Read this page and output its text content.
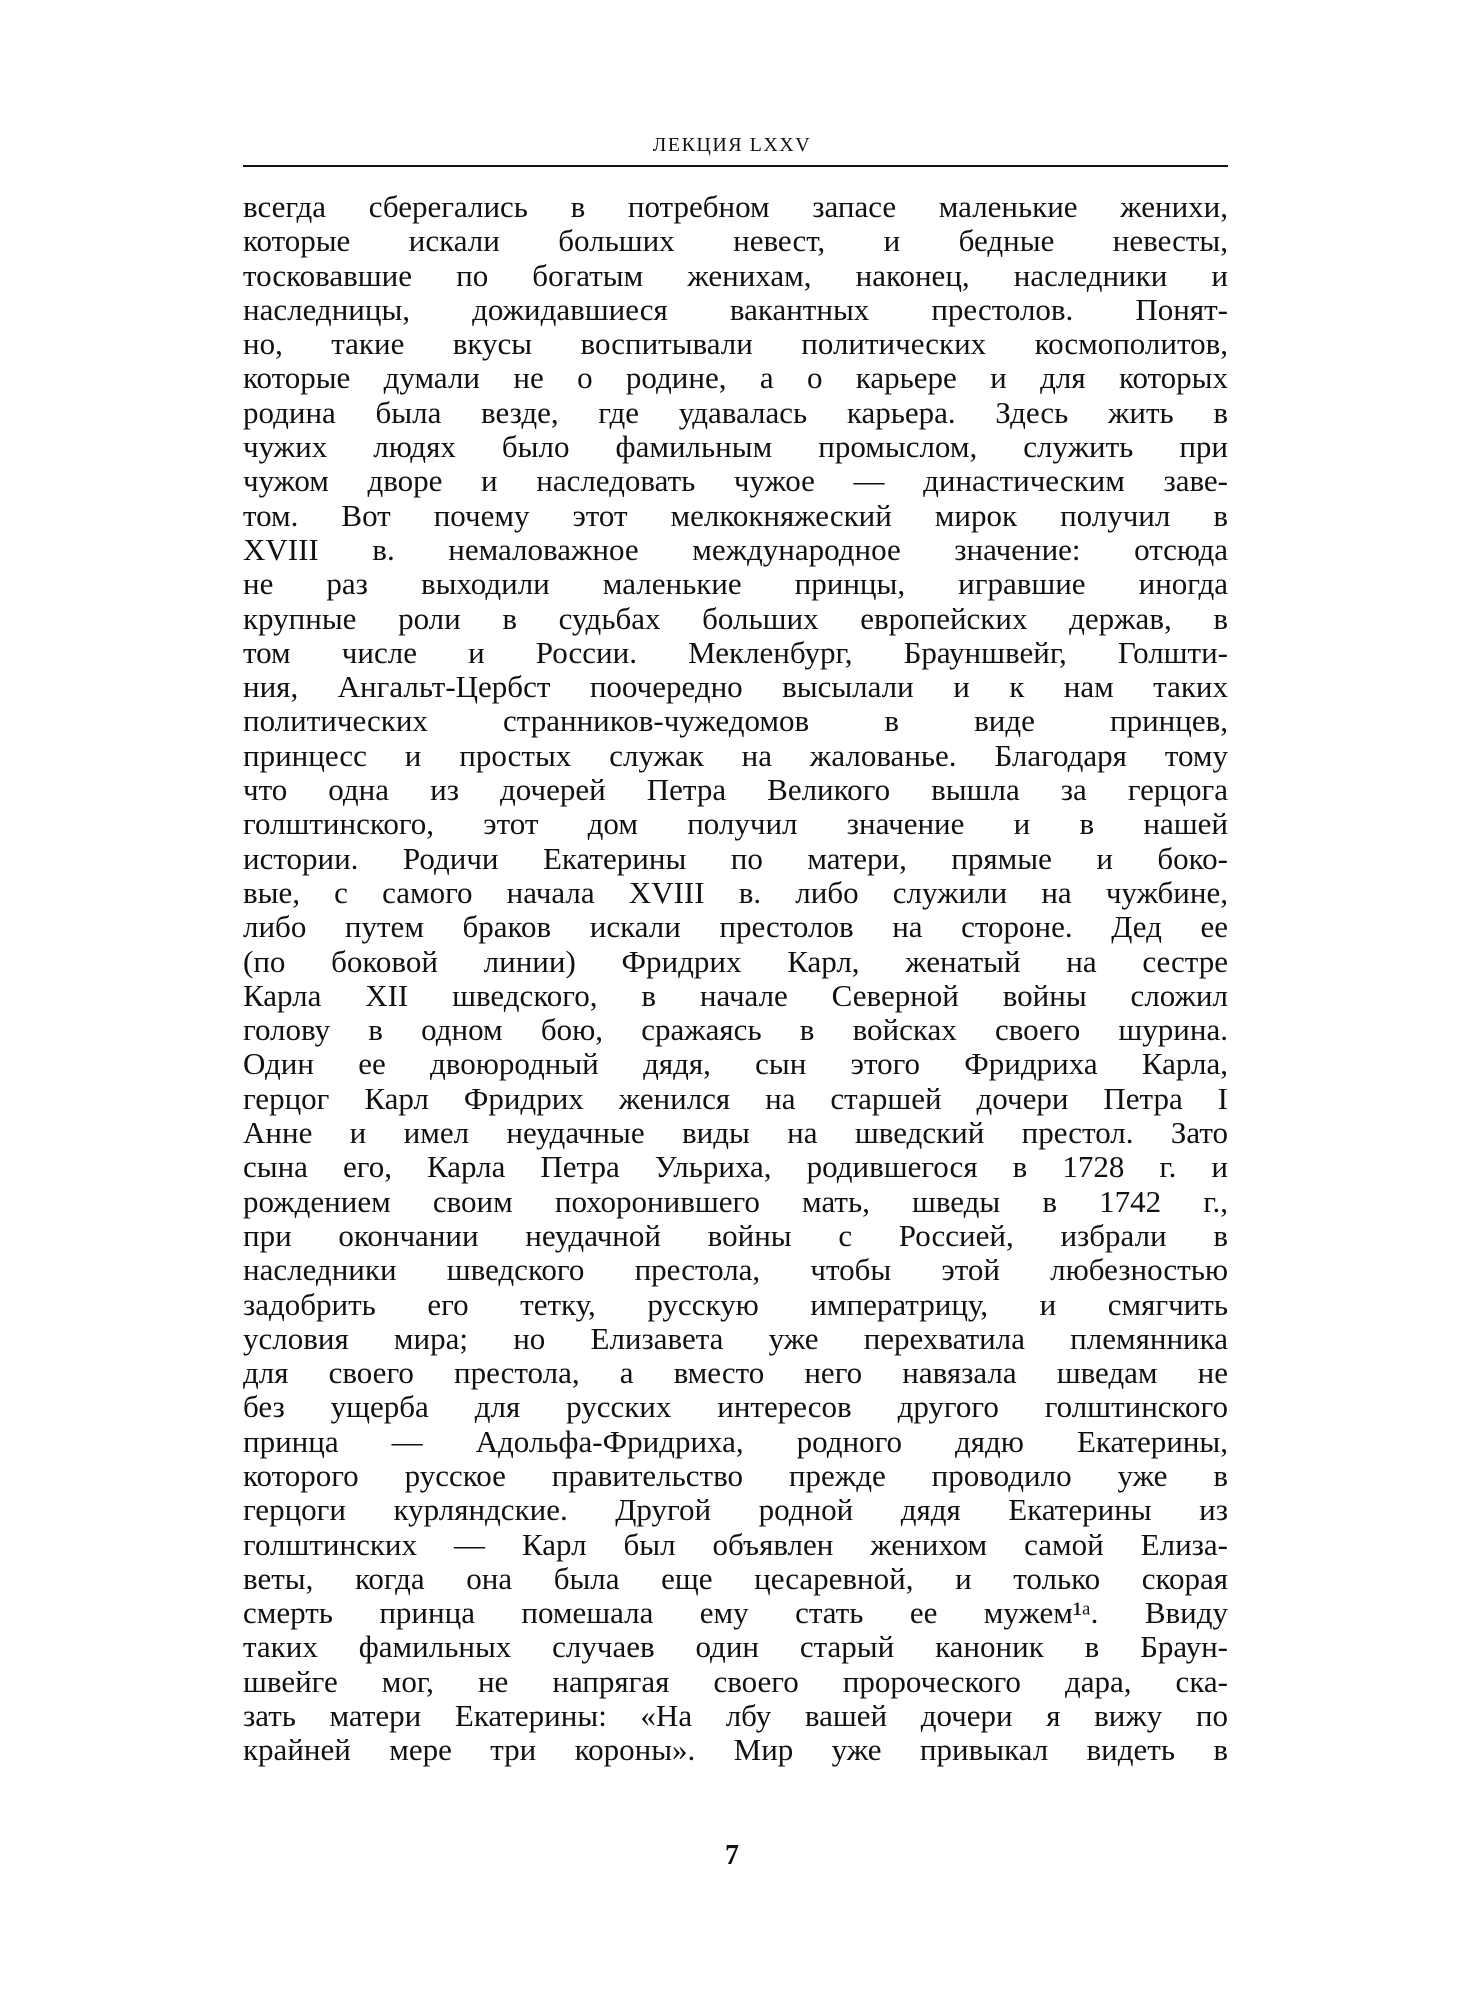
ЛЕКЦИЯ LXXV
всегда сберегались в потребном запасе маленькие женихи,
которые искали больших невест, и бедные невесты,
тосковавшие по богатым женихам, наконец, наследники и
наследницы, дожидавшиеся вакантных престолов. Понят-
но, такие вкусы воспитывали политических космополитов,
которые думали не о родине, а о карьере и для которых
родина была везде, где удавалась карьера. Здесь жить в
чужих людях было фамильным промыслом, служить при
чужом дворе и наследовать чужое — династическим заве-
том. Вот почему этот мелкокняжеский мирок получил в
XVIII в. немаловажное международное значение: отсюда
не раз выходили маленькие принцы, игравшие иногда
крупные роли в судьбах больших европейских держав, в
том числе и России. Мекленбург, Брауншвейг, Голшти-
ния, Ангальт-Цербст поочередно высылали и к нам таких
политических странников-чужедомов в виде принцев,
принцесс и простых служак на жалованье. Благодаря тому
что одна из дочерей Петра Великого вышла за герцога
голштинского, этот дом получил значение и в нашей
истории. Родичи Екатерины по матери, прямые и боко-
вые, с самого начала XVIII в. либо служили на чужбине,
либо путем браков искали престолов на стороне. Дед ее
(по боковой линии) Фридрих Карл, женатый на сестре
Карла XII шведского, в начале Северной войны сложил
голову в одном бою, сражаясь в войсках своего шурина.
Один ее двоюродный дядя, сын этого Фридриха Карла,
герцог Карл Фридрих женился на старшей дочери Петра I
Анне и имел неудачные виды на шведский престол. Зато
сына его, Карла Петра Ульриха, родившегося в 1728 г. и
рождением своим похоронившего мать, шведы в 1742 г.,
при окончании неудачной войны с Россией, избрали в
наследники шведского престола, чтобы этой любезностью
задобрить его тетку, русскую императрицу, и смягчить
условия мира; но Елизавета уже перехватила племянника
для своего престола, а вместо него навязала шведам не
без ущерба для русских интересов другого голштинского
принца — Адольфа-Фридриха, родного дядю Екатерины,
которого русское правительство прежде проводило уже в
герцоги курляндские. Другой родной дядя Екатерины из
голштинских — Карл был объявлен женихом самой Елиза-
веты, когда она была еще цесаревной, и только скорая
смерть принца помешала ему стать ее мужем¹ᵃ. Ввиду
таких фамильных случаев один старый каноник в Браун-
швейге мог, не напрягая своего пророческого дара, ска-
зать матери Екатерины: «На лбу вашей дочери я вижу по
крайней мере три короны». Мир уже привыкал видеть в
7
